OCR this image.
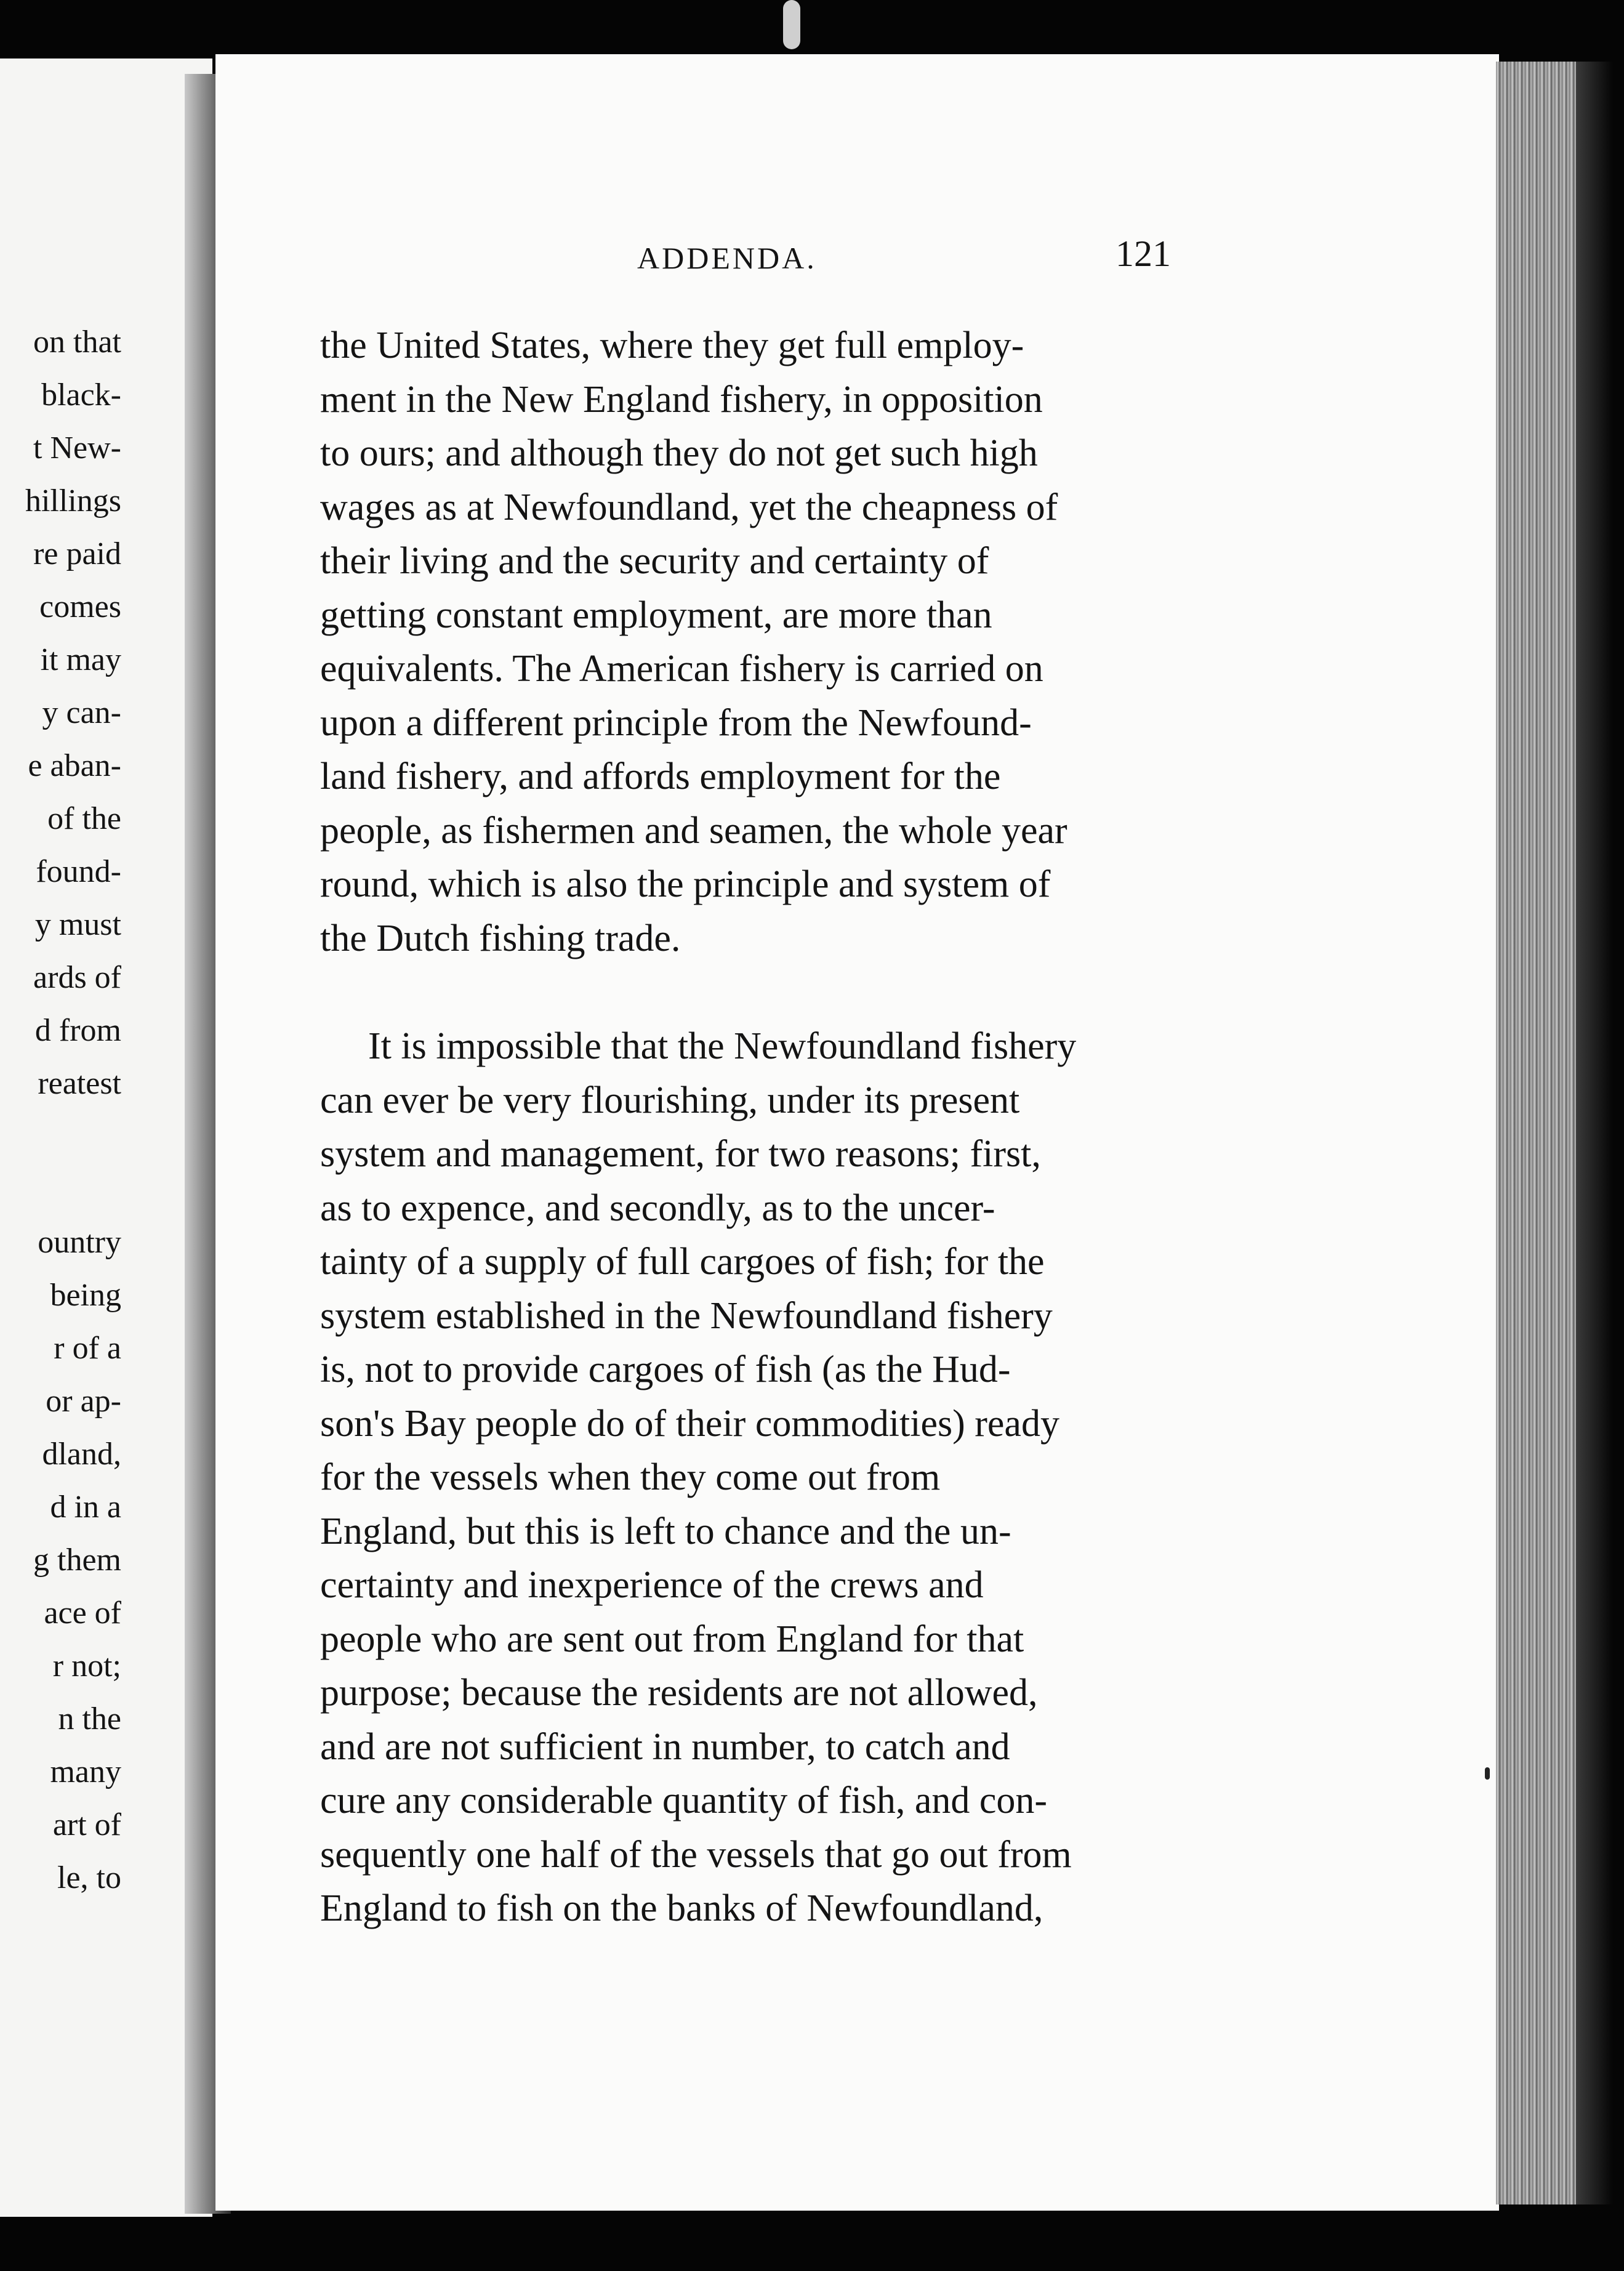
on that
black-
t New-
hillings
re paid
comes
it may
y can-
e aban-
of the
found-
y must
ards of
d from
reatest
ountry
being
r of a
or ap-
dland,
d in a
g them
ace of
r not;
n the
many
art of
le, to
ADDENDA.	121
the United States, where they get full employ-
ment in the New England fishery, in opposition
to ours; and although they do not get such high
wages as at Newfoundland, yet the cheapness of
their living and the security and certainty of
getting constant employment, are more than
equivalents. The American fishery is carried on
upon a different principle from the Newfound-
land fishery, and affords employment for the
people, as fishermen and seamen, the whole year
round, which is also the principle and system of
the Dutch fishing trade.
It is impossible that the Newfoundland fishery
can ever be very flourishing, under its present
system and management, for two reasons; first,
as to expence, and secondly, as to the uncer-
tainty of a supply of full cargoes of fish; for the
system established in the Newfoundland fishery
is, not to provide cargoes of fish (as the Hud-
son's Bay people do of their commodities) ready
for the vessels when they come out from
England, but this is left to chance and the un-
certainty and inexperience of the crews and
people who are sent out from England for that
purpose; because the residents are not allowed,
and are not sufficient in number, to catch and
cure any considerable quantity of fish, and con-
sequently one half of the vessels that go out from
England to fish on the banks of Newfoundland,
